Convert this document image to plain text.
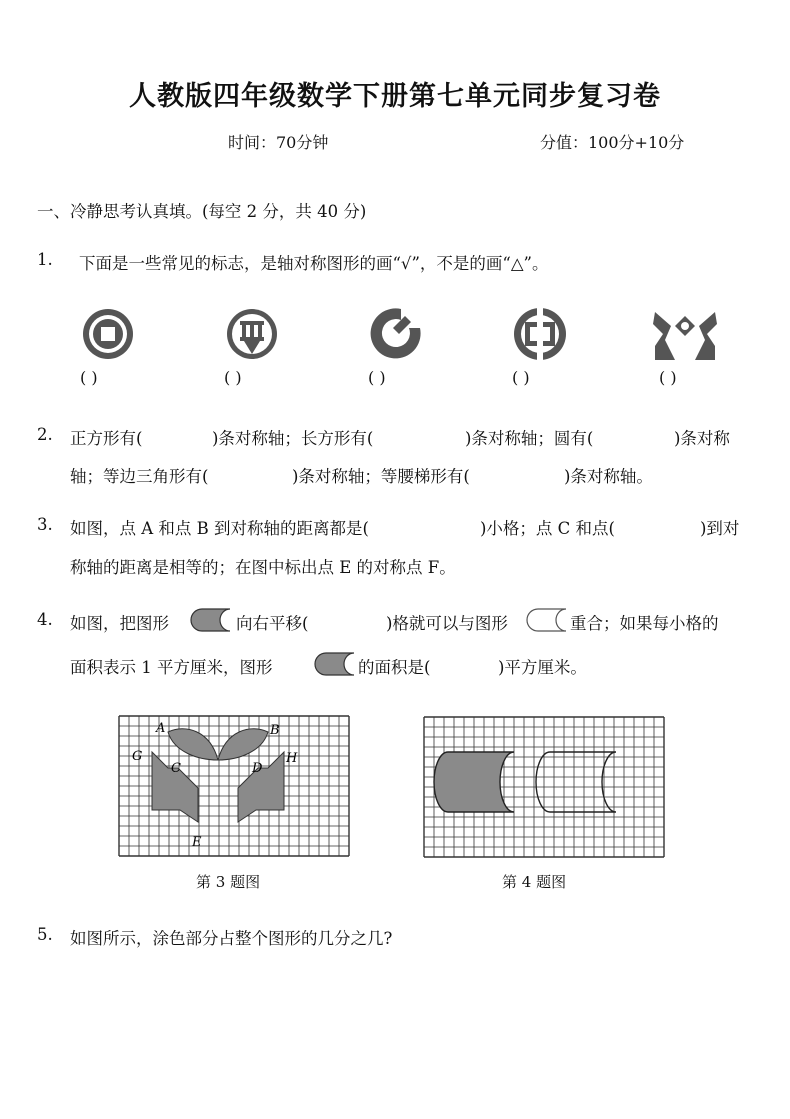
人教版四年级数学下册第七单元同步复习卷
时间：70分钟	分值：100分+10分
一、冷静思考认真填。(每空 2 分，共 40 分)
1. 下面是一些常见的标志，是轴对称图形的画“√”，不是的画“△”。
( )	( )	( )	( )	( )
2. 正方形有(	)条对称轴；长方形有(	)条对称轴；圆有(	)条对称
轴；等边三角形有(	)条对称轴；等腰梯形有(	)条对称轴。
3. 如图，点 A 和点 B 到对称轴的距离都是(	)小格；点 C 和点(	)到对
称轴的距离是相等的；在图中标出点 E 的对称点 F。
4. 如图，把图形	向右平移(	)格就可以与图形	重合；如果每小格的
面积表示 1 平方厘米，图形	的面积是(	)平方厘米。
A	B
G
C	D
H
E
第 3 题图	第 4 题图
5. 如图所示，涂色部分占整个图形的几分之几?
